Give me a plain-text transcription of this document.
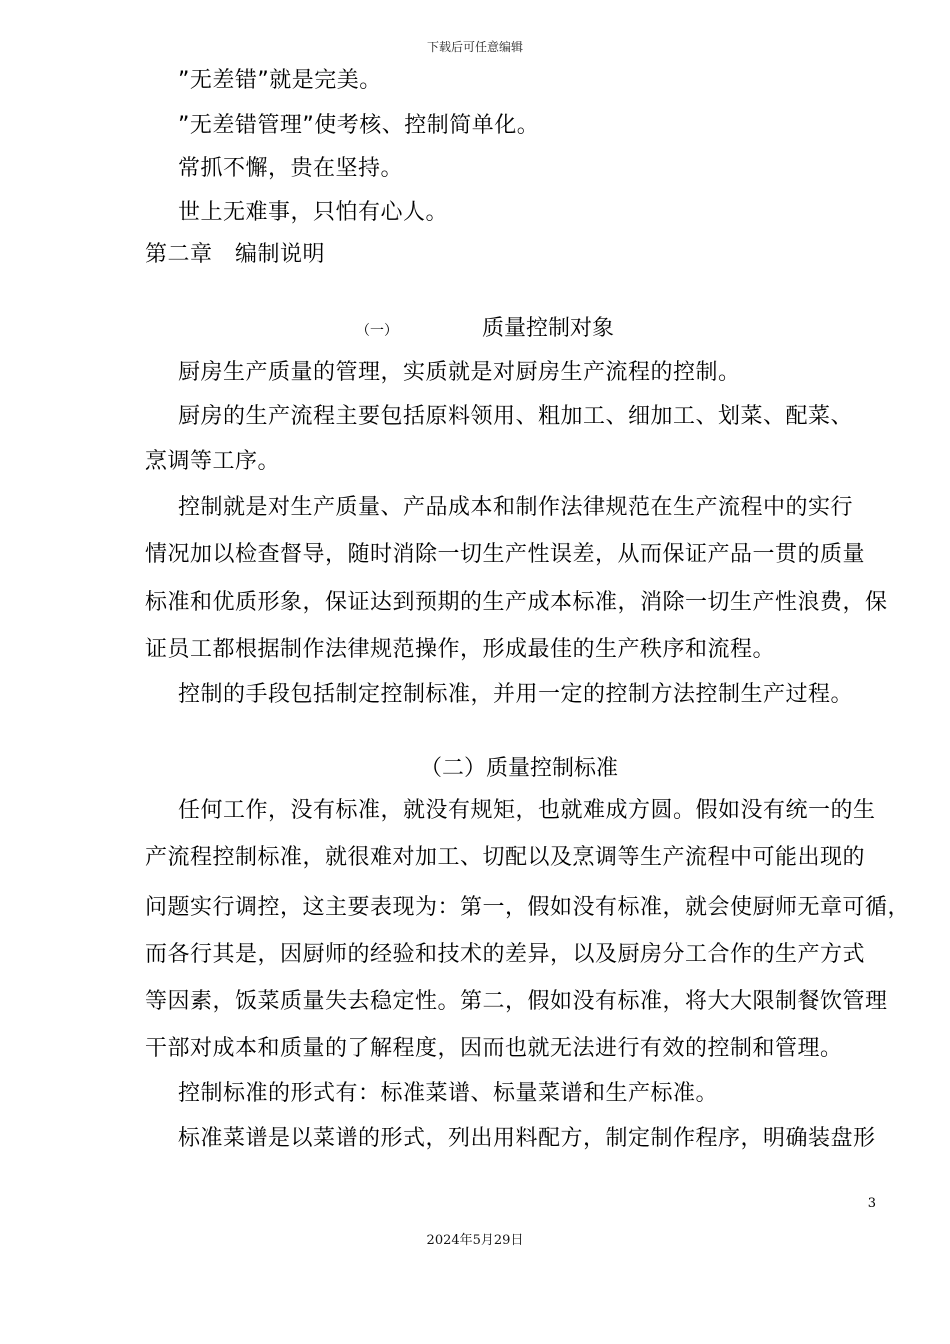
下载后可任意编辑
”无差错”就是完美。
”无差错管理”使考核、控制简单化。
常抓不懈，贵在坚持。
世上无难事，只怕有心人。
第二章　编制说明
（一）	质量控制对象
厨房生产质量的管理，实质就是对厨房生产流程的控制。
厨房的生产流程主要包括原料领用、粗加工、细加工、划菜、配菜、
烹调等工序。
控制就是对生产质量、产品成本和制作法律规范在生产流程中的实行
情况加以检查督导，随时消除一切生产性误差，从而保证产品一贯的质量
标准和优质形象，保证达到预期的生产成本标准，消除一切生产性浪费，保
证员工都根据制作法律规范操作，形成最佳的生产秩序和流程。
控制的手段包括制定控制标准，并用一定的控制方法控制生产过程。
（二）质量控制标准
任何工作，没有标准，就没有规矩，也就难成方圆。假如没有统一的生
产流程控制标准，就很难对加工、切配以及烹调等生产流程中可能出现的
问题实行调控，这主要表现为：第一，假如没有标准，就会使厨师无章可循，
而各行其是，因厨师的经验和技术的差异，以及厨房分工合作的生产方式
等因素，饭菜质量失去稳定性。第二，假如没有标准，将大大限制餐饮管理
干部对成本和质量的了解程度，因而也就无法进行有效的控制和管理。
控制标准的形式有：标准菜谱、标量菜谱和生产标准。
标准菜谱是以菜谱的形式，列出用料配方，制定制作程序，明确装盘形
3
2024年5月29日
